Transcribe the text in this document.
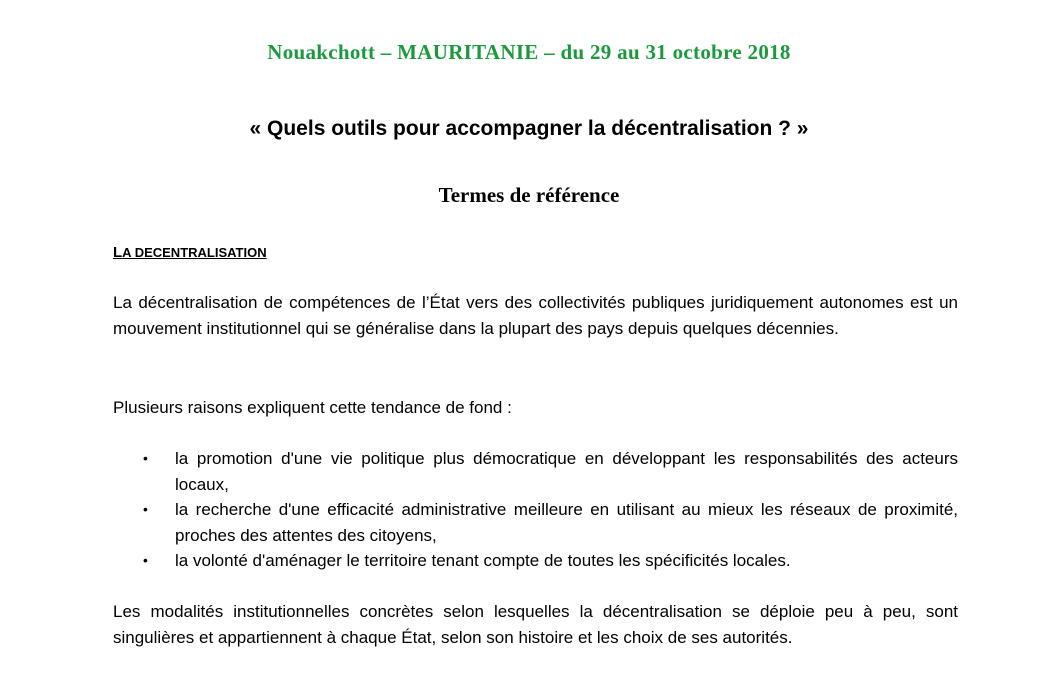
Nouakchott – MAURITANIE – du 29 au 31 octobre 2018
« Quels outils pour accompagner la décentralisation ? »
Termes de référence
LA DECENTRALISATION
La décentralisation de compétences de l’État vers des collectivités publiques juridiquement autonomes est un mouvement institutionnel qui se généralise dans la plupart des pays depuis quelques décennies.
Plusieurs raisons expliquent cette tendance de fond :
• la promotion d'une vie politique plus démocratique en développant les responsabilités des acteurs locaux,
• la recherche d'une efficacité administrative meilleure en utilisant au mieux les réseaux de proximité, proches des attentes des citoyens,
• la volonté d'aménager le territoire tenant compte de toutes les spécificités locales.
Les modalités institutionnelles concrètes selon lesquelles la décentralisation se déploie peu à peu, sont singulières et appartiennent à chaque État, selon son histoire et les choix de ses autorités.
